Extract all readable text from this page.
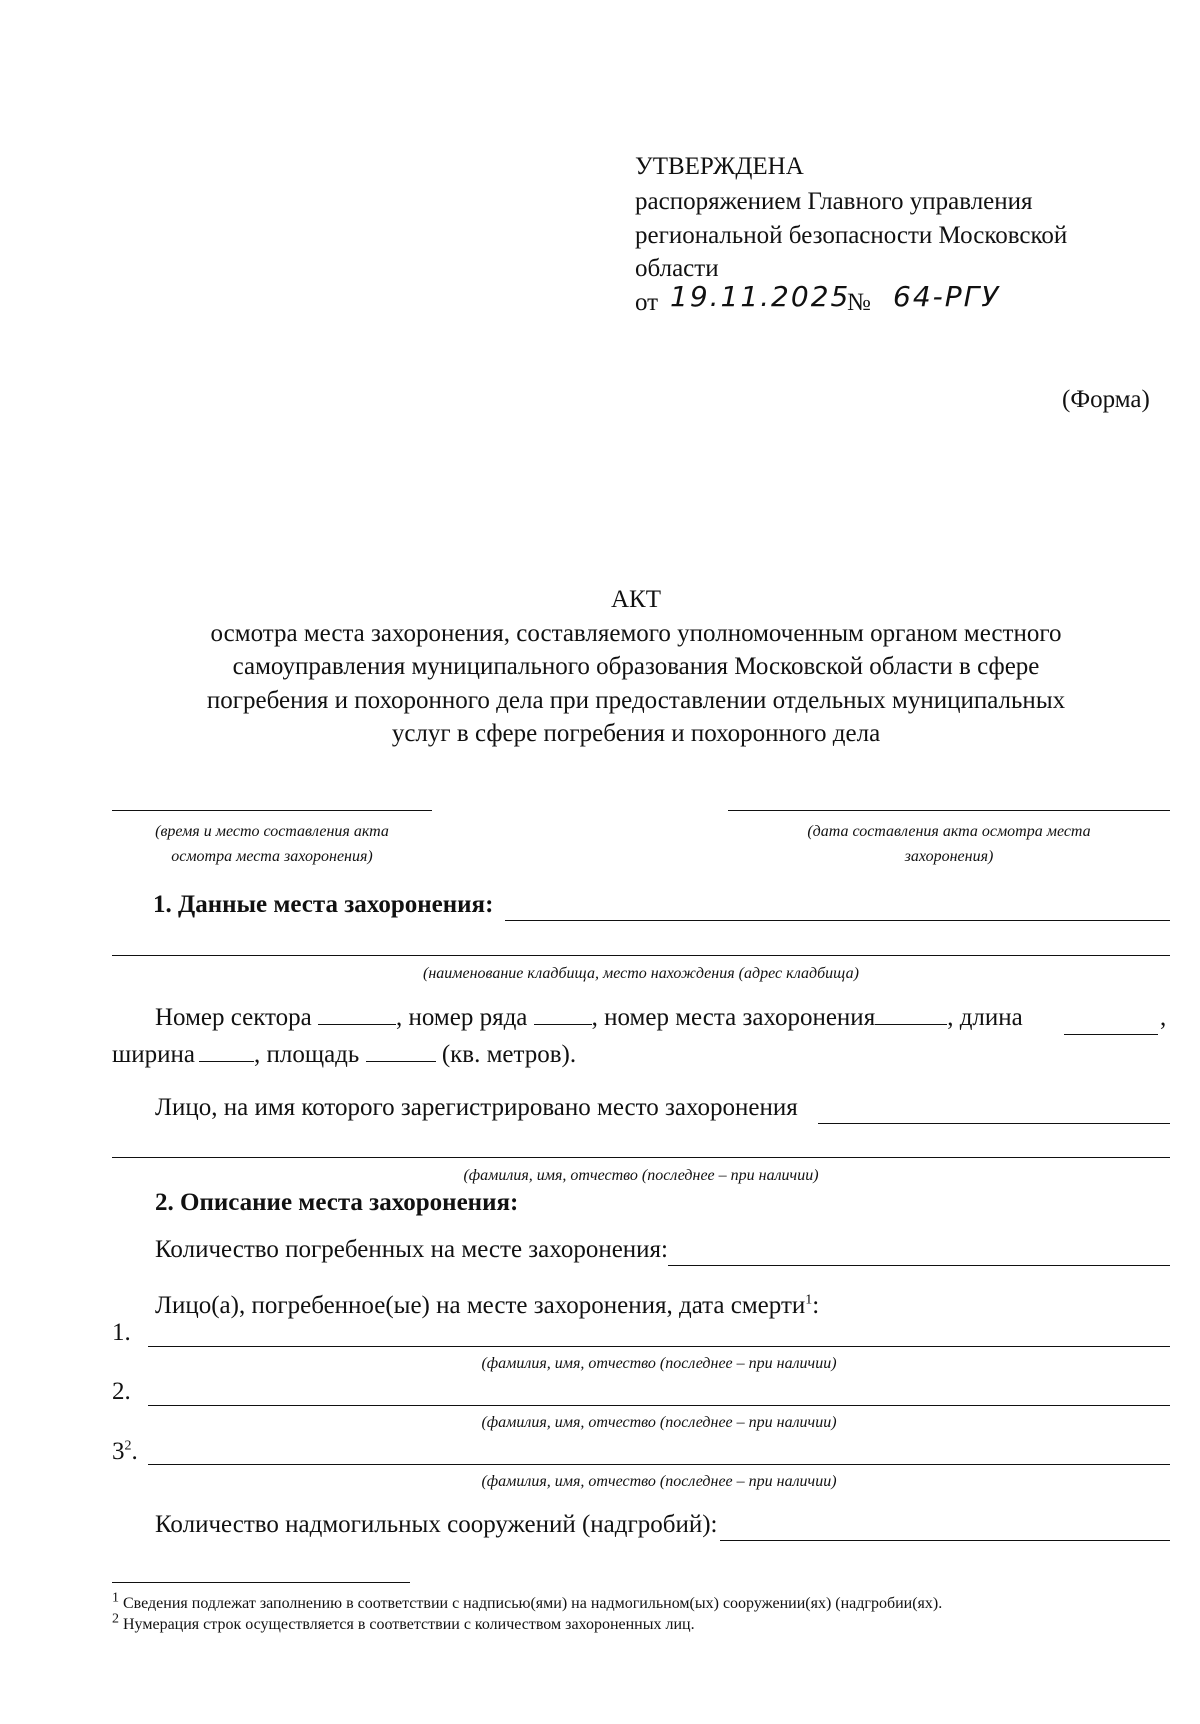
УТВЕРЖДЕНА
распоряжением Главного управления
региональной безопасности Московской
области
от 19.11.2025
№ 64-РГУ
(Форма)
АКТ
осмотра места захоронения, составляемого уполномоченным органом местного
самоуправления муниципального образования Московской области в сфере
погребения и похоронного дела при предоставлении отдельных муниципальных
услуг в сфере погребения и похоронного дела
(время и место составления акта
осмотра места захоронения)
(дата составления акта осмотра места
захоронения)
1. Данные места захоронения:
(наименование кладбища, место нахождения (адрес кладбища)
Номер сектора	, номер ряда	, номер места захоронения	, длина	,
ширина , площадь	(кв. метров).
Лицо, на имя которого зарегистрировано место захоронения
(фамилия, имя, отчество (последнее – при наличии)
2. Описание места захоронения:
Количество погребенных на месте захоронения:
Лицо(а), погребенное(ые) на месте захоронения, дата смерти$^1$:
1.
(фамилия, имя, отчество (последнее – при наличии)
2.
(фамилия, имя, отчество (последнее – при наличии)
$3^2$.
(фамилия, имя, отчество (последнее – при наличии)
Количество надмогильных сооружений (надгробий):
$^1$ Сведения подлежат заполнению в соответствии с надписью(ями) на надмогильном(ых) сооружении(ях) (надгробии(ях).
$^2$ Нумерация строк осуществляется в соответствии с количеством захороненных лиц.
